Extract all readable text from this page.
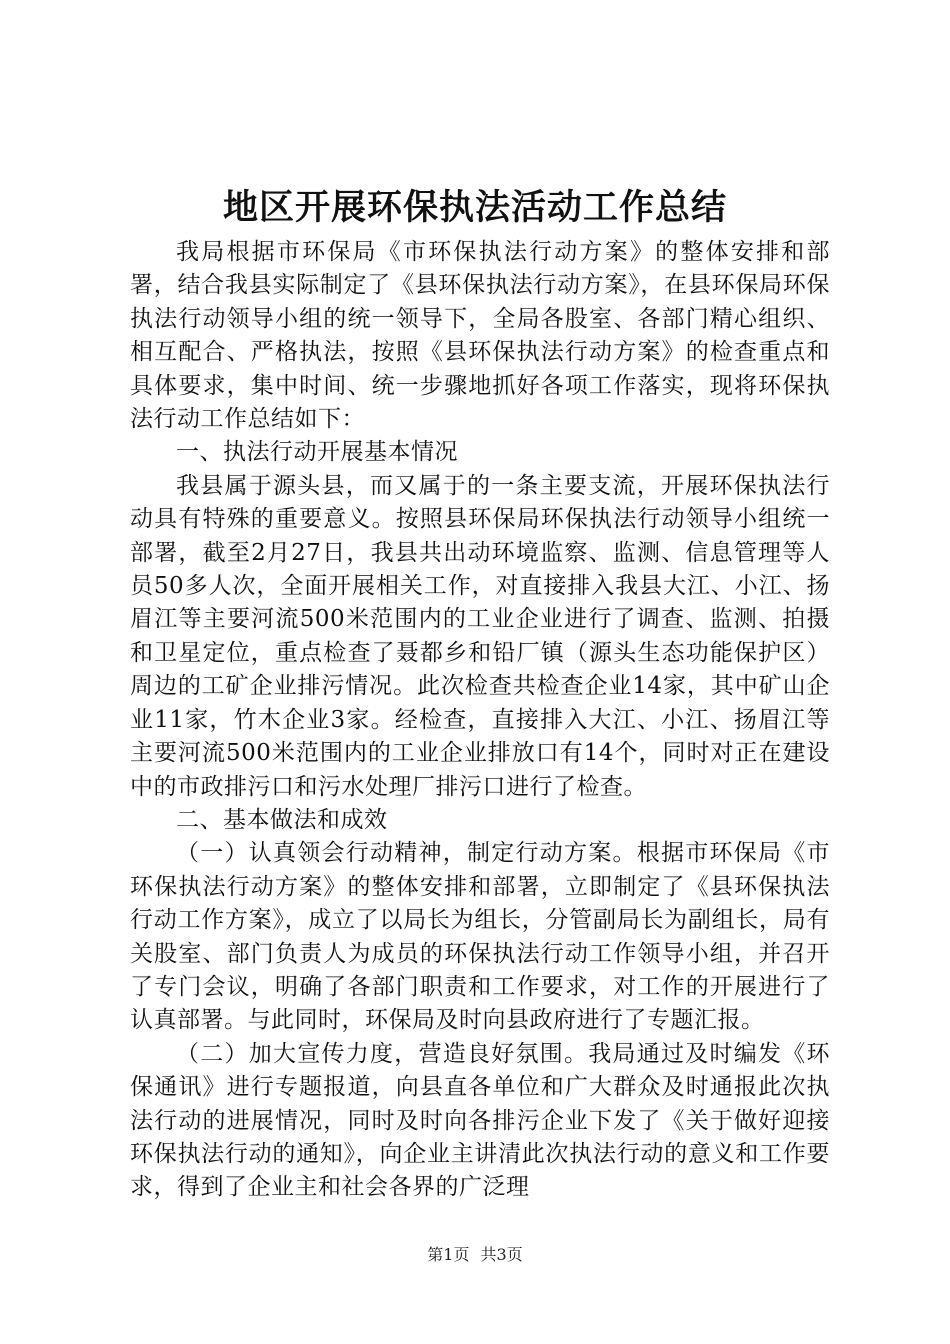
地区开展环保执法活动工作总结

我局根据市环保局《市环保执法行动方案》的整体安排和部署，结合我县实际制定了《县环保执法行动方案》，在县环保局环保执法行动领导小组的统一领导下，全局各股室、各部门精心组织、相互配合、严格执法，按照《县环保执法行动方案》的检查重点和具体要求，集中时间、统一步骤地抓好各项工作落实，现将环保执法行动工作总结如下：

一、执法行动开展基本情况

我县属于源头县，而又属于的一条主要支流，开展环保执法行动具有特殊的重要意义。按照县环保局环保执法行动领导小组统一部署，截至2月27日，我县共出动环境监察、监测、信息管理等人员50多人次，全面开展相关工作，对直接排入我县大江、小江、扬眉江等主要河流500米范围内的工业企业进行了调查、监测、拍摄和卫星定位，重点检查了聂都乡和铅厂镇（源头生态功能保护区）周边的工矿企业排污情况。此次检查共检查企业14家，其中矿山企业11家，竹木企业3家。经检查，直接排入大江、小江、扬眉江等主要河流500米范围内的工业企业排放口有14个，同时对正在建设中的市政排污口和污水处理厂排污口进行了检查。

二、基本做法和成效

（一）认真领会行动精神，制定行动方案。根据市环保局《市环保执法行动方案》的整体安排和部署，立即制定了《县环保执法行动工作方案》，成立了以局长为组长，分管副局长为副组长，局有关股室、部门负责人为成员的环保执法行动工作领导小组，并召开了专门会议，明确了各部门职责和工作要求，对工作的开展进行了认真部署。与此同时，环保局及时向县政府进行了专题汇报。

（二）加大宣传力度，营造良好氛围。我局通过及时编发《环保通讯》进行专题报道，向县直各单位和广大群众及时通报此次执法行动的进展情况，同时及时向各排污企业下发了《关于做好迎接环保执法行动的通知》，向企业主讲清此次执法行动的意义和工作要求，得到了企业主和社会各界的广泛理

第1页 共3页
